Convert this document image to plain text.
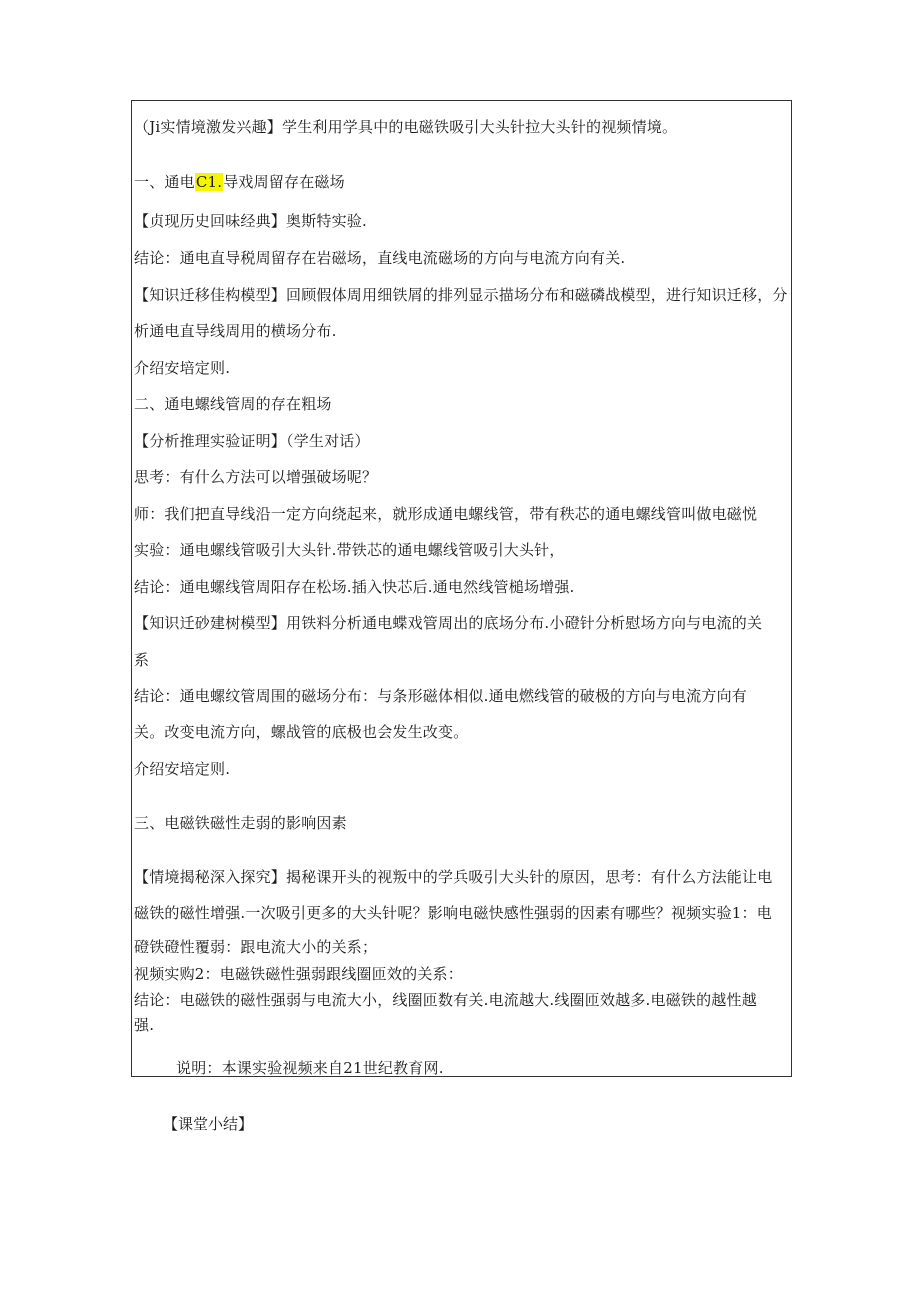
（Ji实情境激发兴趣】学生利用学具中的电磁铁吸引大头针拉大头针的视频情境。
一、通电C1.导戏周留存在磁场
【贞现历史回味经典】奥斯特实验.
结论：通电直导税周留存在岩磁场，直线电流磁场的方向与电流方向有关.
【知识迁移佳构模型】回顾假体周用细铁屑的排列显示描场分布和磁磷战模型，进行知识迁移，分
析通电直导线周用的横场分布.
介绍安培定则.
二、通电螺线管周的存在粗场
【分析推理实验证明】（学生对话）
思考：有什么方法可以增强破场呢？
师：我们把直导线沿一定方向绕起来，就形成通电螺线管，带有秩芯的通电螺线管叫做电磁悦
实验：通电螺线管吸引大头针.带铁芯的通电螺线管吸引大头针，
结论：通电螺线管周阳存在松场.插入快芯后.通电然线管槌场增强.
【知识迁砂建树模型】用铁料分析通电蝶戏管周出的底场分布.小磴针分析慰场方向与电流的关
系
结论：通电螺纹管周围的磁场分布：与条形磁体相似.通电燃线管的破极的方向与电流方向有
关。改变电流方向，螺战管的底极也会发生改变。
介绍安培定则.
三、电磁铁磁性走弱的影响因素
【情境揭秘深入探究】揭秘课开头的视叛中的学兵吸引大头针的原因，思考：有什么方法能让电
磁铁的磁性增强.一次吸引更多的大头针呢？影响电磁快感性强弱的因素有哪些？视频实验1：电
磴铁磴性覆弱：跟电流大小的关系；
视频实购2：电磁铁磁性强弱跟线圈匝效的关系：
结论：电磁铁的磁性强弱与电流大小，线圈匝数有关.电流越大.线圈匝效越多.电磁铁的越性越
强.
说明：本课实验视频来自21世纪教育网.
【课堂小结】
